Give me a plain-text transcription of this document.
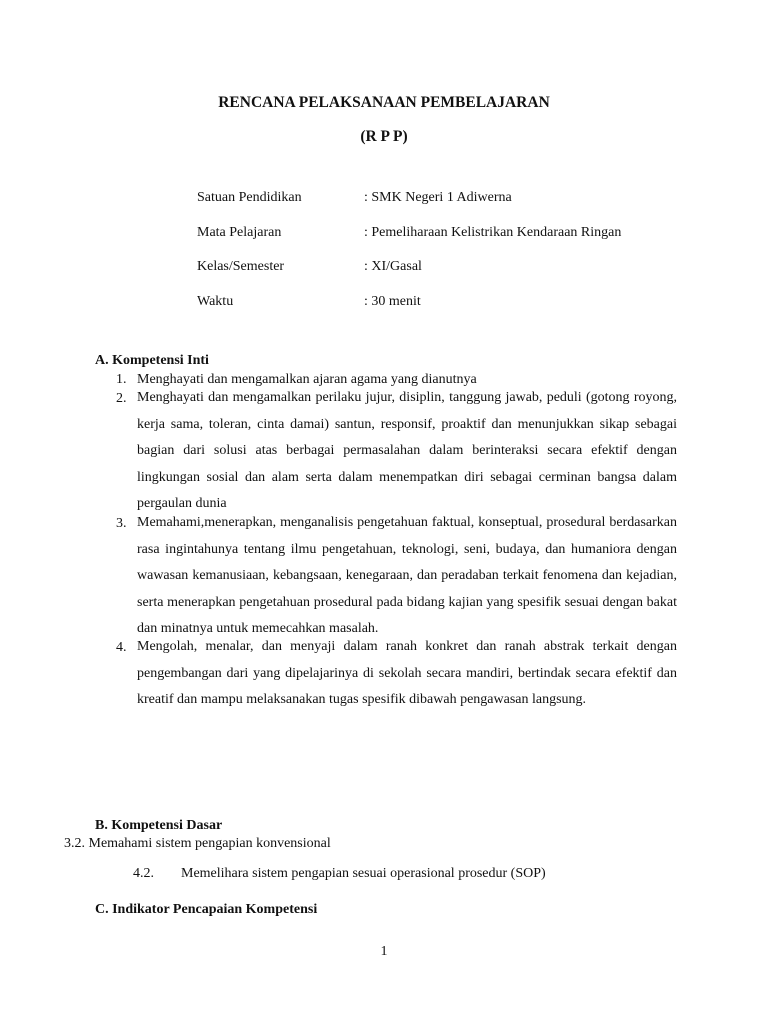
RENCANA PELAKSANAAN PEMBELAJARAN
(R P P)
Satuan Pendidikan	: SMK Negeri 1 Adiwerna
Mata Pelajaran	: Pemeliharaan Kelistrikan Kendaraan Ringan
Kelas/Semester	: XI/Gasal
Waktu	: 30 menit
A. Kompetensi Inti
1. Menghayati dan mengamalkan ajaran agama yang dianutnya
2. Menghayati dan mengamalkan perilaku jujur, disiplin, tanggung jawab, peduli (gotong royong, kerja sama, toleran, cinta damai) santun, responsif, proaktif dan menunjukkan sikap sebagai bagian dari solusi atas berbagai permasalahan dalam berinteraksi secara efektif dengan lingkungan sosial dan alam serta dalam menempatkan diri sebagai cerminan bangsa dalam pergaulan dunia
3. Memahami,menerapkan, menganalisis pengetahuan faktual, konseptual, prosedural berdasarkan rasa ingintahunya tentang ilmu pengetahuan, teknologi, seni, budaya, dan humaniora dengan wawasan kemanusiaan, kebangsaan, kenegaraan, dan peradaban terkait fenomena dan kejadian, serta menerapkan pengetahuan prosedural pada bidang kajian yang spesifik sesuai dengan bakat dan minatnya untuk memecahkan masalah.
4. Mengolah, menalar, dan menyaji dalam ranah konkret dan ranah abstrak terkait dengan pengembangan dari yang dipelajarinya di sekolah secara mandiri, bertindak secara efektif dan kreatif dan mampu melaksanakan tugas spesifik dibawah pengawasan langsung.
B. Kompetensi Dasar
3.2. Memahami sistem pengapian konvensional
4.2. Memelihara sistem pengapian sesuai operasional prosedur (SOP)
C. Indikator Pencapaian Kompetensi
1
